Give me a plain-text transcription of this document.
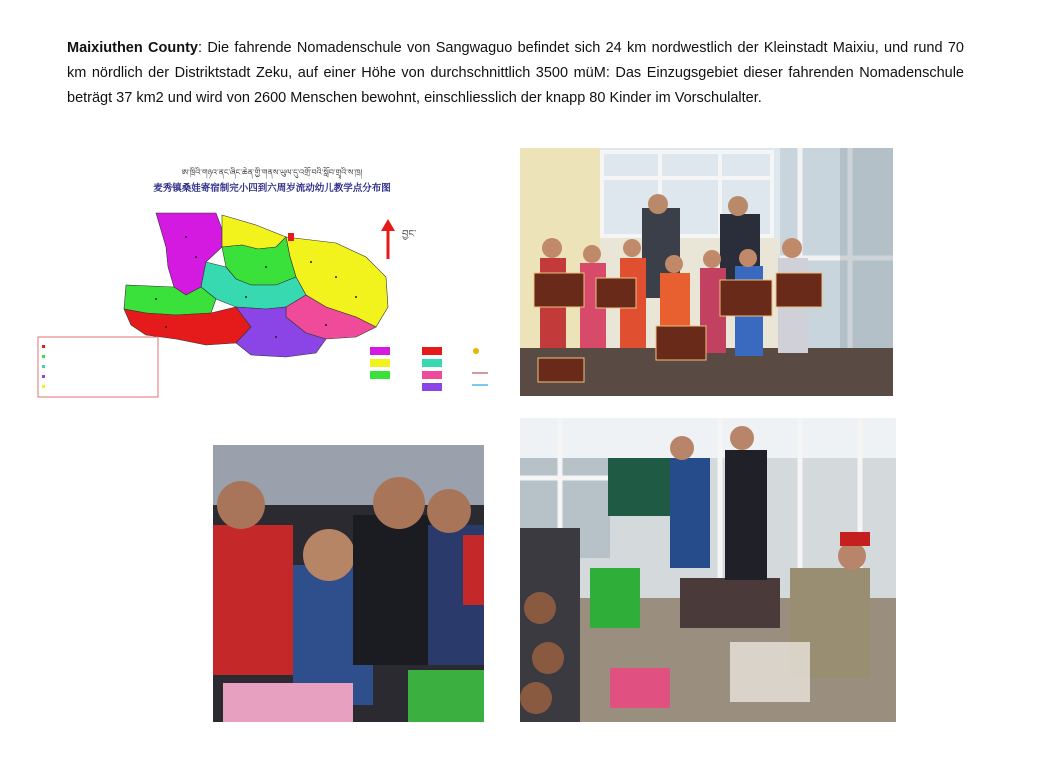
Maixiuthen County: Die fahrende Nomadenschule von Sangwaguo befindet sich 24 km nordwestlich der Kleinstadt Maixiu, und rund 70 km nördlich der Distriktstadt Zeku, auf einer Höhe von durchschnittlich 3500 müM: Das Einzugsgebiet dieser fahrenden Nomadenschule beträgt 37 km2 und wird von 2600 Menschen bewohnt, einschliesslich der knapp 80 Kinder im Vorschulalter.
ཨ་ཁྲིའི་གཉའ་ནང་ཞིང་ཆེན་གྱི་གནས་ཡུལ་དུ་འགྲོ་བའི་སློབ་གྲྭའི་ས་ཁྲ།
麦秀镇桑娃寄宿制完小四到六周岁流动幼儿教学点分布图
བྱང་
